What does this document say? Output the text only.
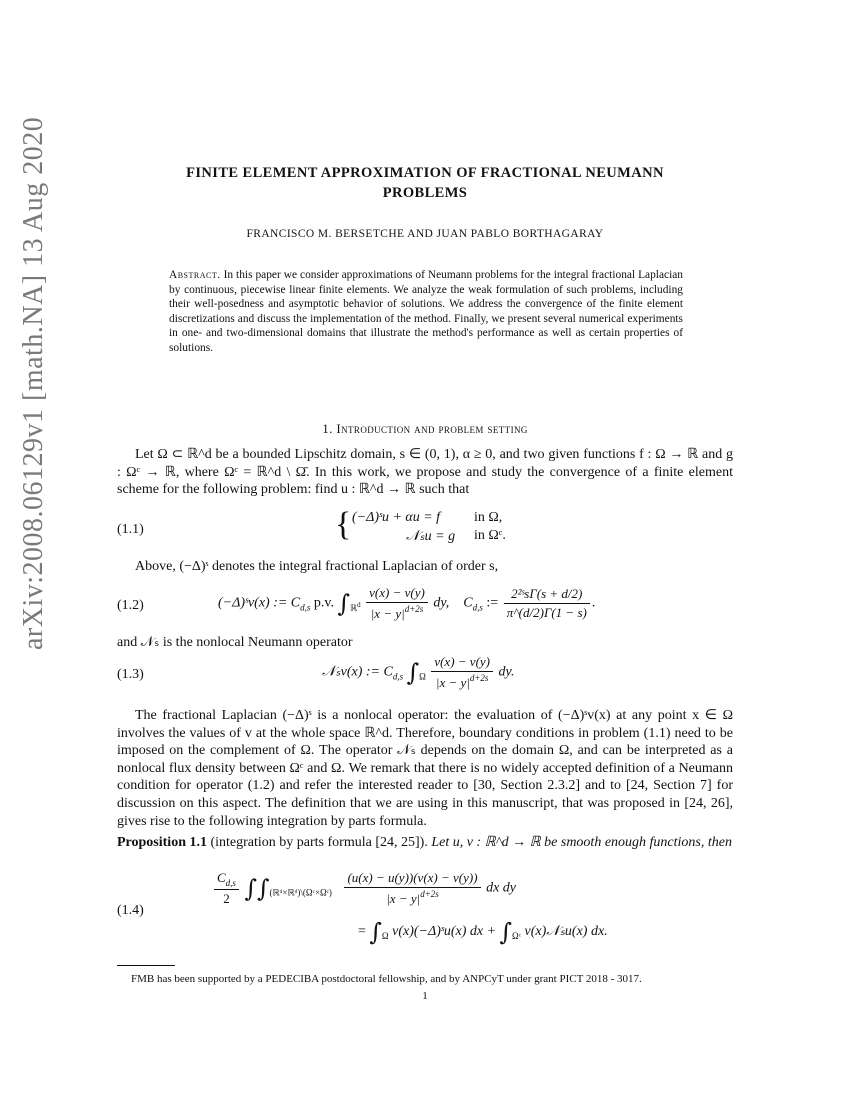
arXiv:2008.06129v1 [math.NA] 13 Aug 2020	FINITE ELEMENT APPROXIMATION OF FRACTIONAL NEUMANN
PROBLEMS
FRANCISCO M. BERSETCHE AND JUAN PABLO BORTHAGARAY
Abstract. In this paper we consider approximations of Neumann problems for the integral fractional Laplacian by continuous, piecewise linear finite elements. We analyze the weak formulation of such problems, including their well-posedness and asymptotic behavior of solutions. We address the convergence of the finite element discretizations and discuss the implementation of the method. Finally, we present several numerical experiments in one- and two-dimensional domains that illustrate the method's performance as well as certain properties of solutions.
1. Introduction and problem setting
Let Ω ⊂ ℝ^d be a bounded Lipschitz domain, s ∈ (0, 1), α ≥ 0, and two given functions f : Ω → ℝ and g : Ωᶜ → ℝ, where Ωᶜ = ℝ^d \ Ω̄. In this work, we propose and study the convergence of a finite element scheme for the following problem: find u : ℝ^d → ℝ such that
(1.1)	{ (−Δ)ˢu + αu = f in Ω,
𝒩ₛu = g in Ωᶜ.
Above, (−Δ)ˢ denotes the integral fractional Laplacian of order s,
(1.2)	(−Δ)ˢv(x) := $C_{d,s}$ p.v. $\int_{ℝ^d} \frac{v(x) - v(y)}{|x - y|^{d+2s}}$ dy, $C_{d,s}$ := $\frac{\text{2²ˢsΓ(s + d/2)}}{\pi\^{}(d/2)\Gamma(1 - s)}$ .
and 𝒩ₛ is the nonlocal Neumann operator
(1.3)	𝒩ₛv(x) := $C_{d,s}$ $\int_\Omega \frac{v(x) - v(y)}{|x - y|^{d+2s}}$ dy.
The fractional Laplacian (−Δ)ˢ is a nonlocal operator: the evaluation of (−Δ)ˢv(x) at any point x ∈ Ω involves the values of v at the whole space ℝ^d. Therefore, boundary conditions in problem (1.1) need to be imposed on the complement of Ω. The operator 𝒩ₛ depends on the domain Ω, and can be interpreted as a nonlocal flux density between Ωᶜ and Ω. We remark that there is no widely accepted definition of a Neumann condition for operator (1.2) and refer the interested reader to [30, Section 2.3.2] and to [24, Section 7] for discussion on this aspect. The definition that we are using in this manuscript, that was proposed in [24, 26], gives rise to the following integration by parts formula.
Proposition 1.1 (integration by parts formula [24, 25]). Let u, v : ℝ^d → ℝ be smooth enough functions, then
(1.4)
$\frac{C_{d,s}}{2} \int\int_{(ℝᵈ\times ℝᵈ)\backslash(\Omega ᶜ\times\Omega ᶜ)} \frac{(u(x) - u(y))(v(x) - v(y))}{|x - y|^{d+2s}}$ dx dy
= $\int_\Omega$ v(x)(−Δ)ˢu(x) dx + $\int_{\Omega ᶜ}$ v(x)𝒩ₛu(x) dx.
FMB has been supported by a PEDECIBA postdoctoral fellowship, and by ANPCyT under grant PICT 2018 - 3017.
1
